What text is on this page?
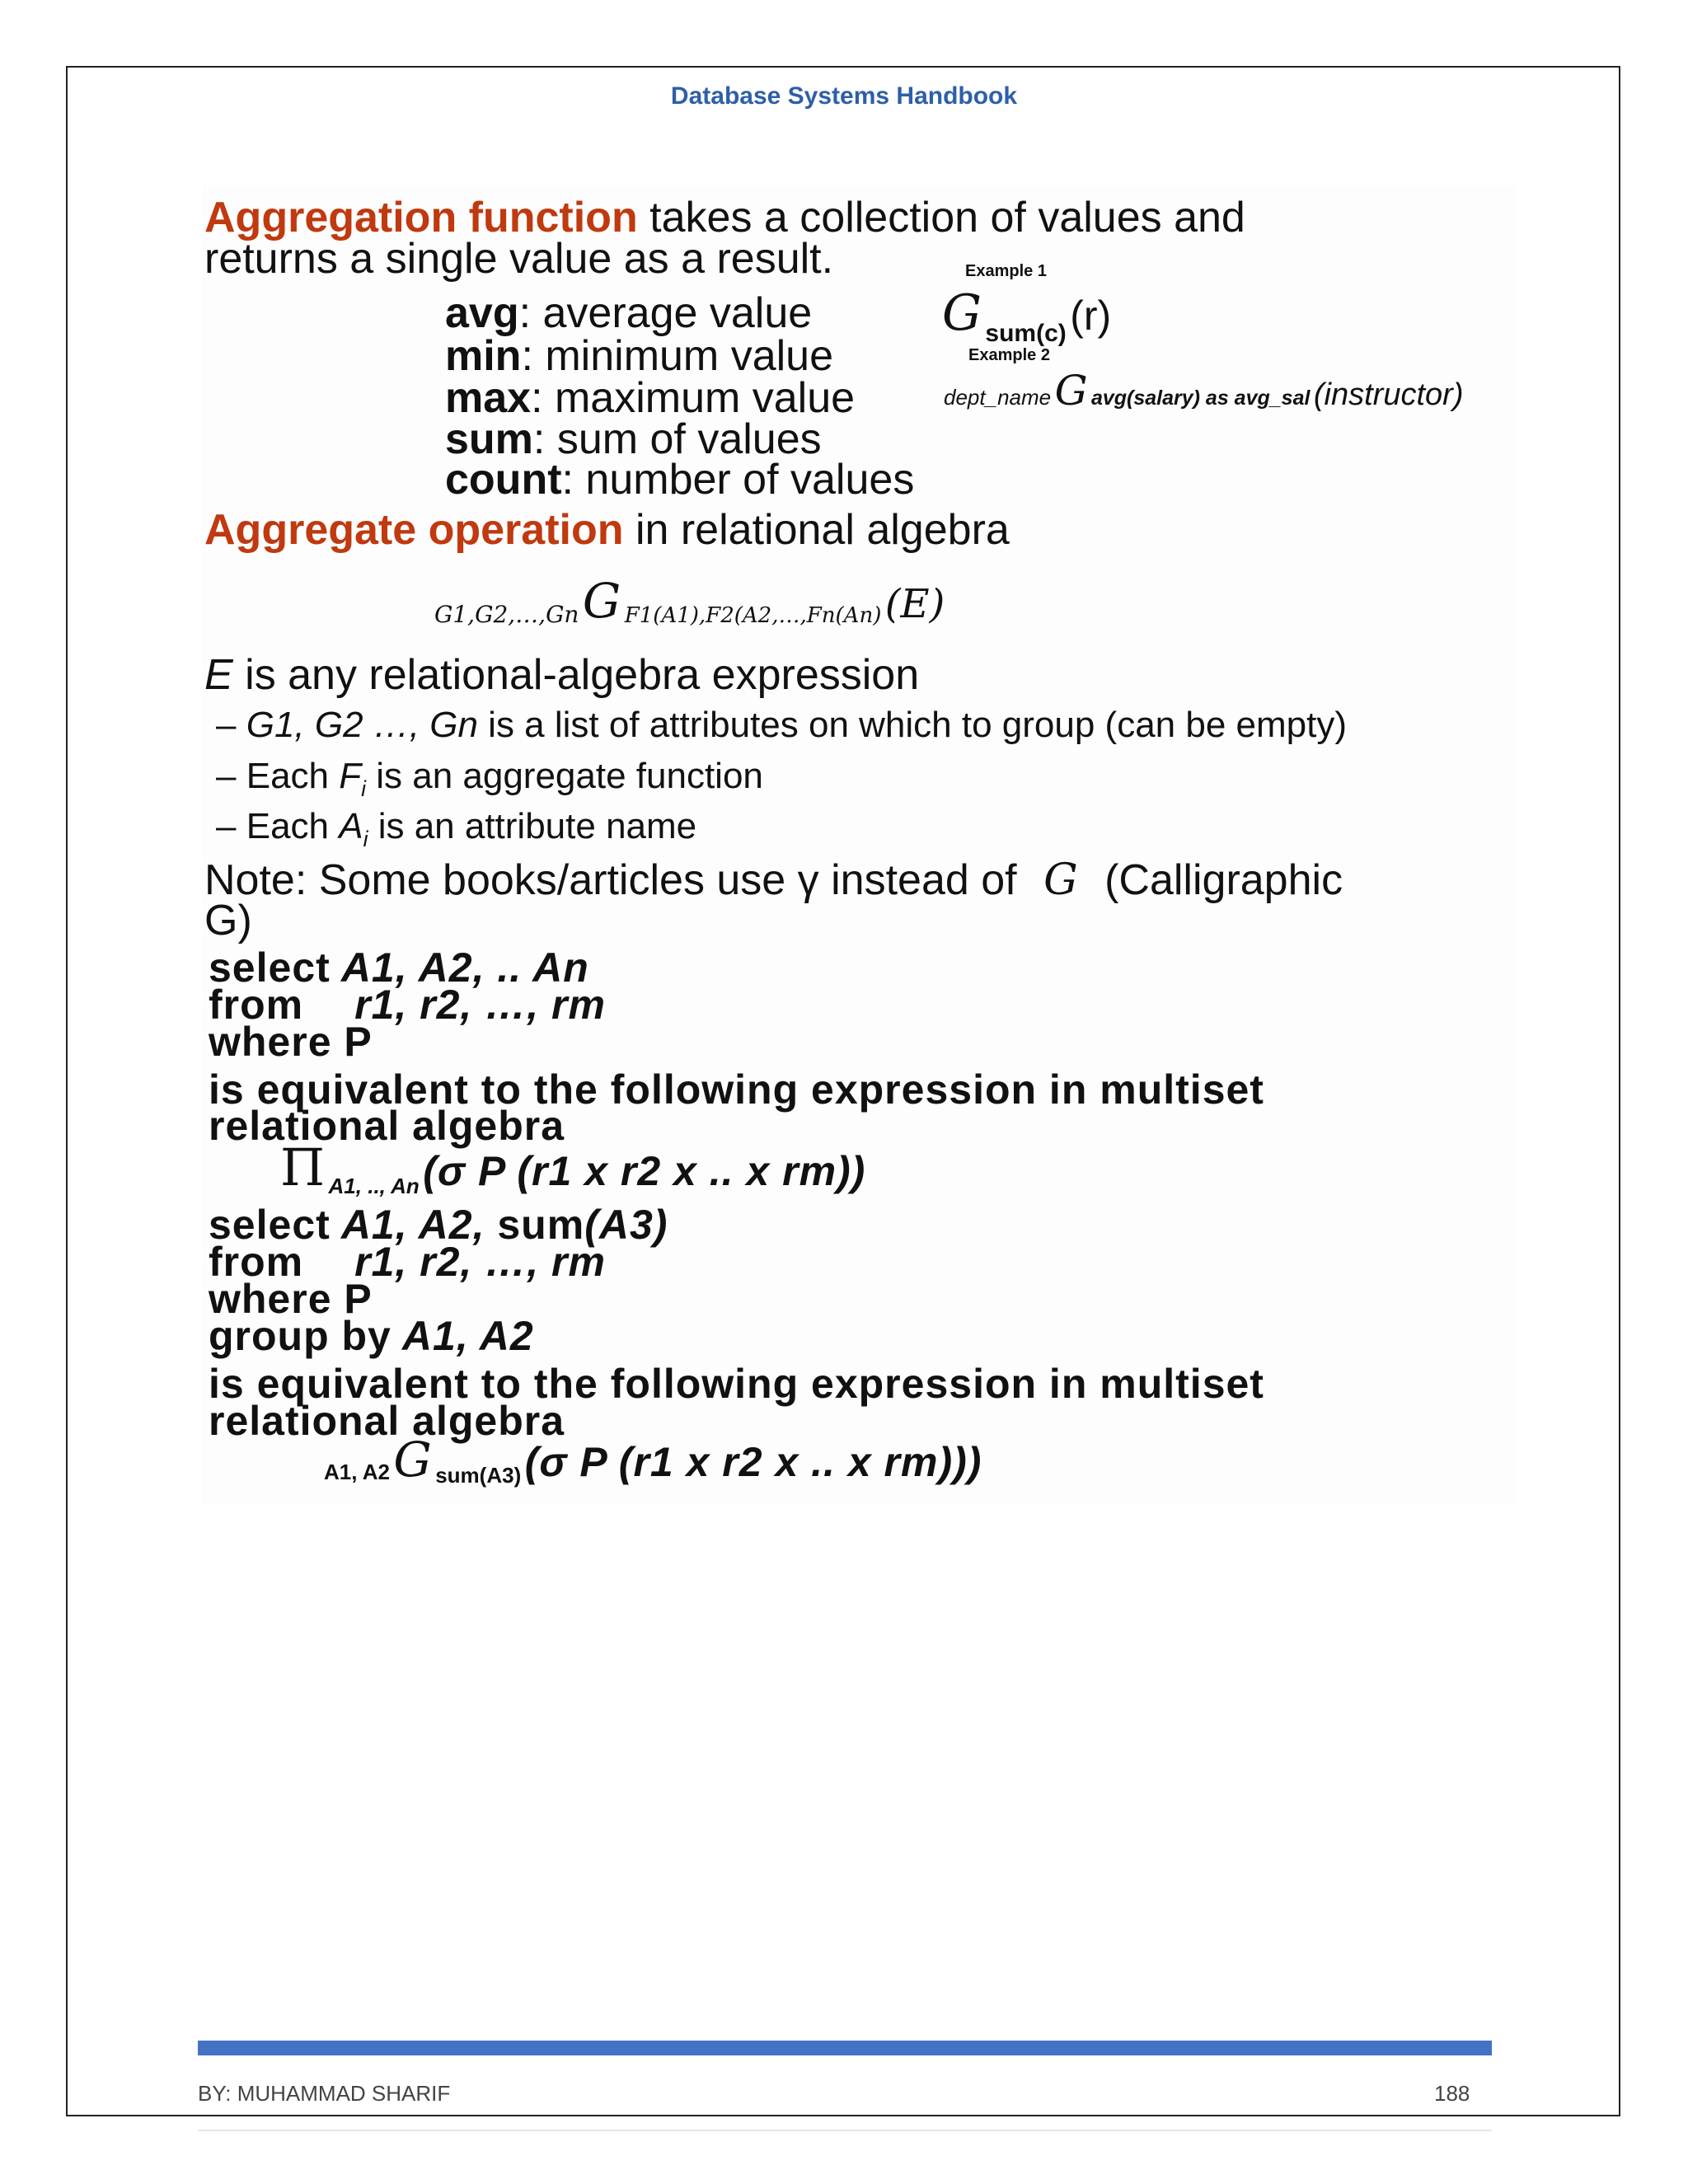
Database Systems Handbook
Aggregation function takes a collection of values and
returns a single value as a result.
avg: average value
min: minimum value
max: maximum value
sum: sum of values
count: number of values
Example 1
G sum(c) (r)
Example 2
dept_name G avg(salary) as avg_sal (instructor)
Aggregate operation in relational algebra
G1,G2,…,Gn G F1(A1),F2(A2,…,Fn(An) (E)
E is any relational-algebra expression
– G1, G2 …, Gn is a list of attributes on which to group (can be empty)
– Each $F_i$ is an aggregate function
– Each $A_i$ is an attribute name
Note: Some books/articles use γ instead of G (Calligraphic
G)
select A1, A2, .. An
from r1, r2, …, rm
where P
is equivalent to the following expression in multiset
relational algebra
Π A1, .., An (σ P (r1 x r2 x .. x rm))
select A1, A2, sum(A3)
from r1, r2, …, rm
where P
group by A1, A2
is equivalent to the following expression in multiset
relational algebra
A1, A2 G sum(A3) (σ P (r1 x r2 x .. x rm)))
BY: MUHAMMAD SHARIF	188
